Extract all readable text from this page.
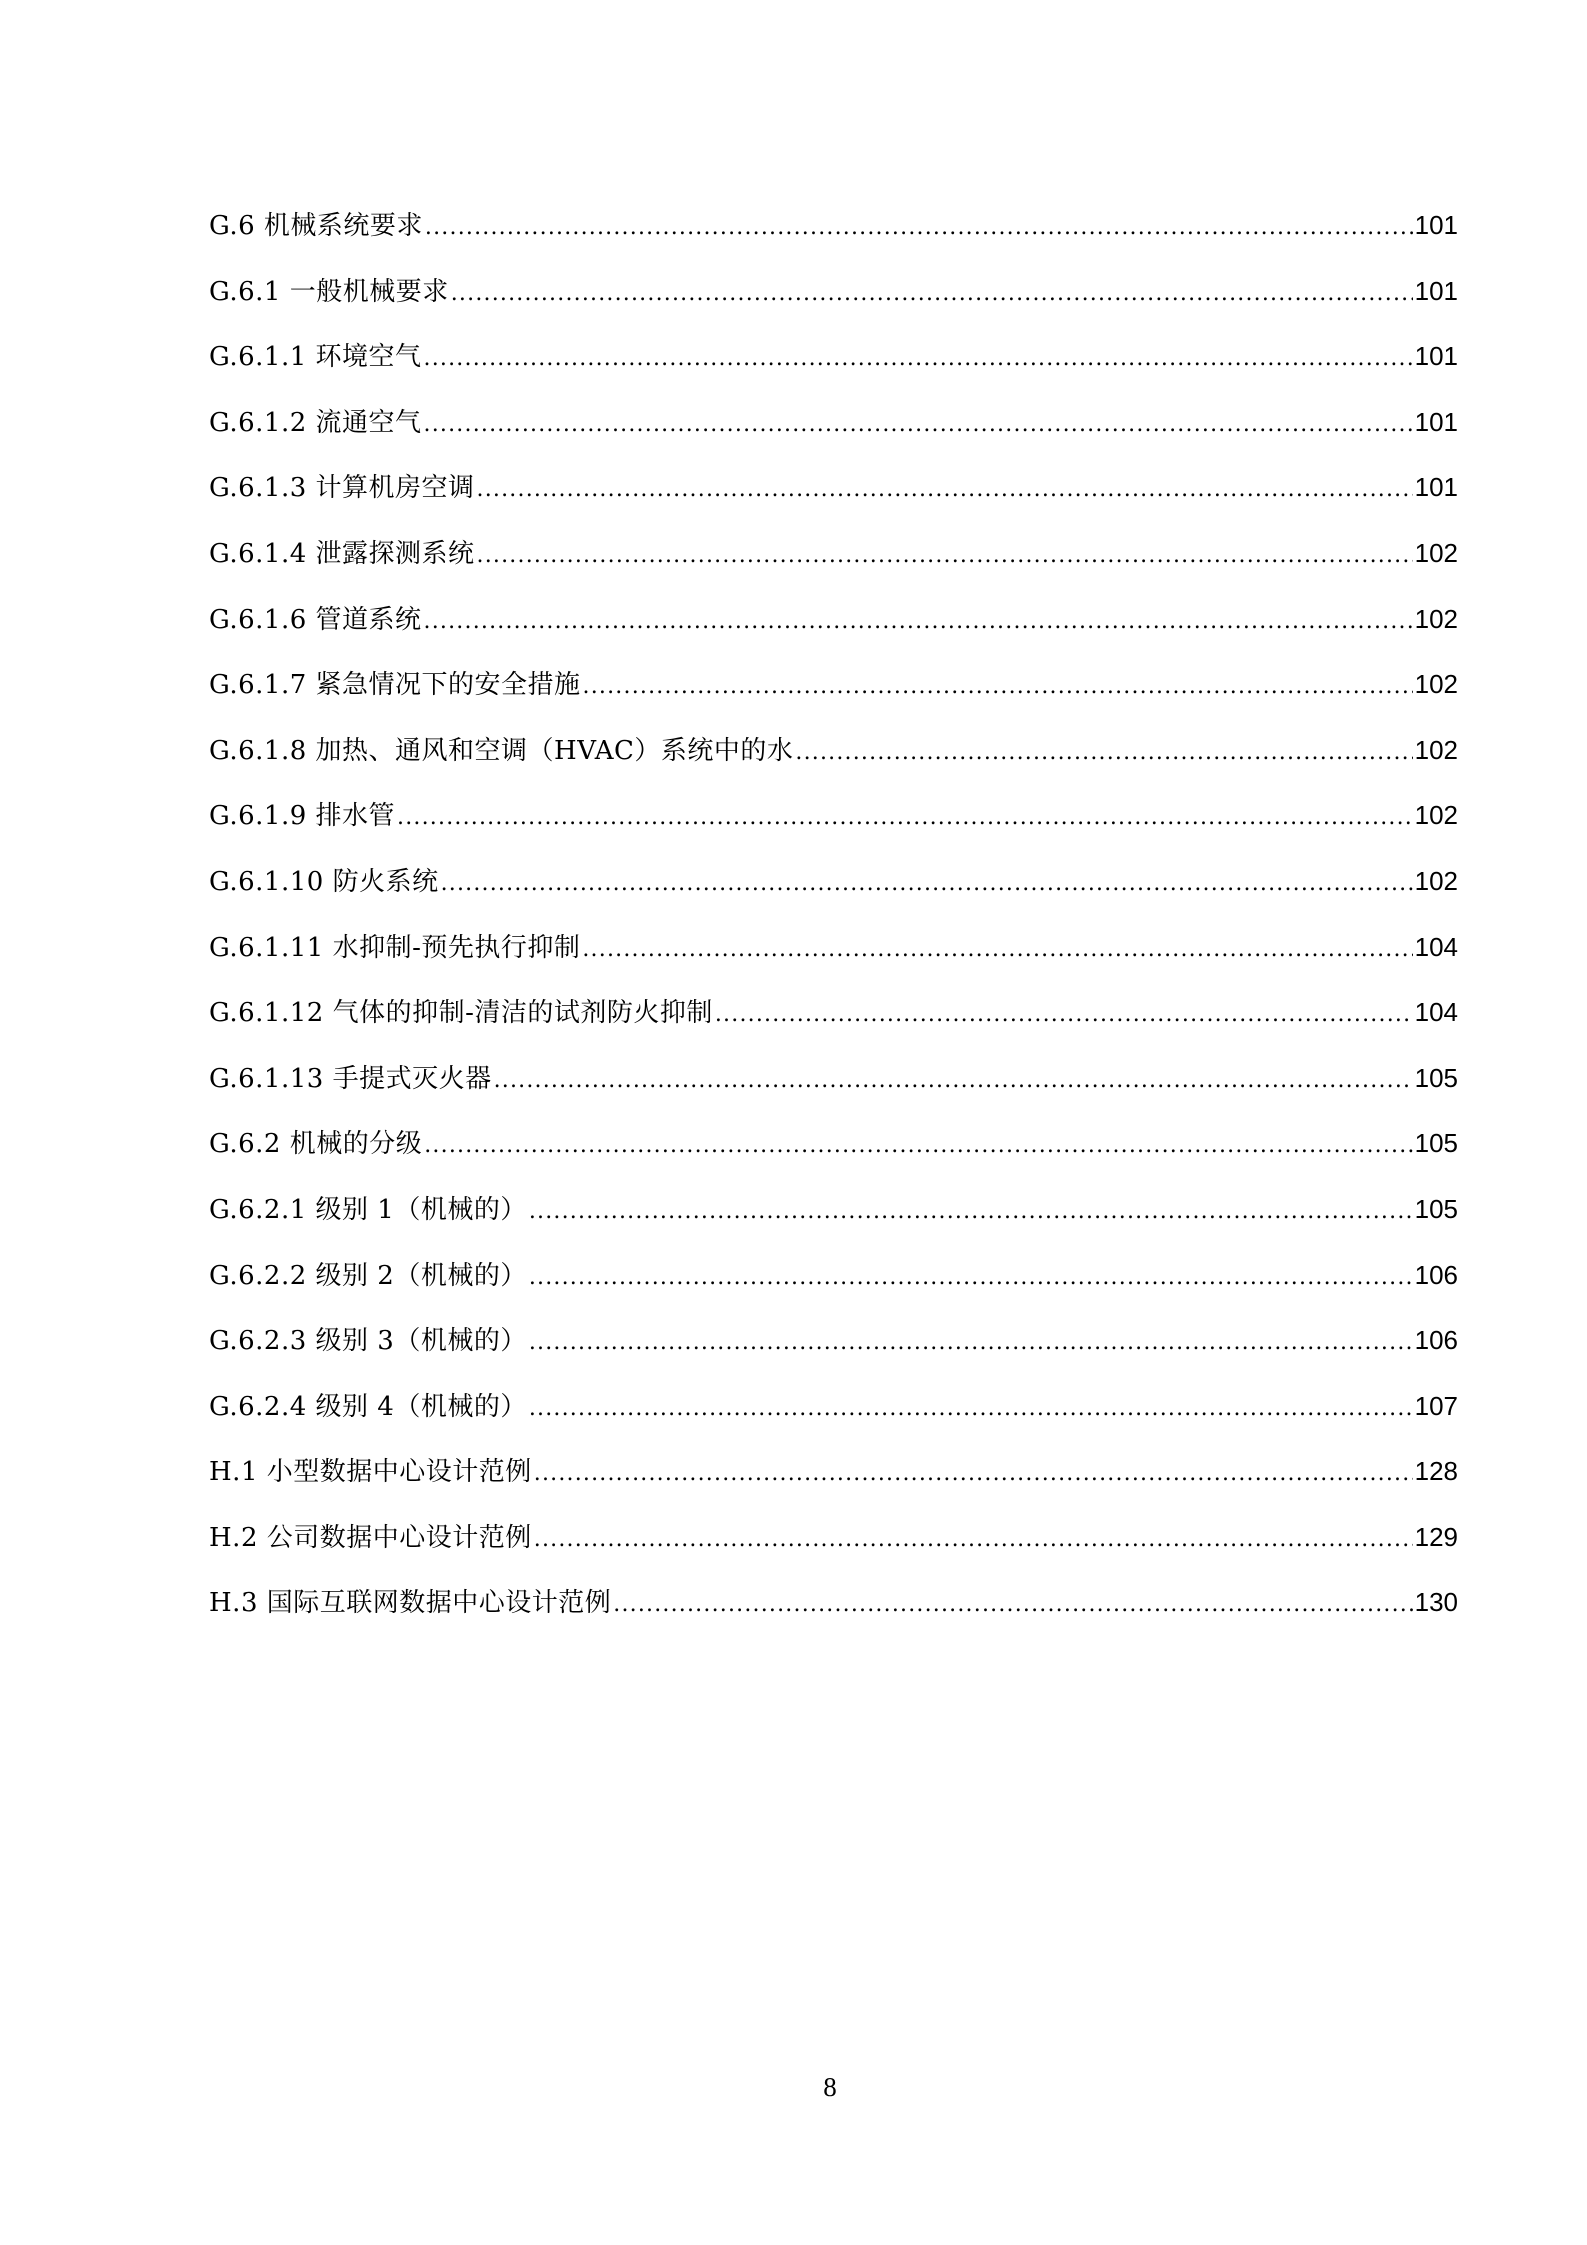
G.6 机械系统要求 .....	101
G.6.1 一般机械要求 .....	101
G.6.1.1 环境空气 .....	101
G.6.1.2 流通空气 .....	101
G.6.1.3 计算机房空调 .....	101
G.6.1.4 泄露探测系统 .....	102
G.6.1.6 管道系统 .....	102
G.6.1.7 紧急情况下的安全措施 .....	102
G.6.1.8 加热、通风和空调（HVAC）系统中的水 .....	102
G.6.1.9 排水管 .....	102
G.6.1.10 防火系统 .....	102
G.6.1.11 水抑制-预先执行抑制 .....	104
G.6.1.12 气体的抑制-清洁的试剂防火抑制 .....	104
G.6.1.13 手提式灭火器 .....	105
G.6.2 机械的分级 .....	105
G.6.2.1 级别 1（机械的） .....	105
G.6.2.2 级别 2（机械的） .....	106
G.6.2.3 级别 3（机械的） .....	106
G.6.2.4 级别 4（机械的） .....	107
H.1 小型数据中心设计范例 .....	128
H.2 公司数据中心设计范例 .....	129
H.3 国际互联网数据中心设计范例 .....	130
8
